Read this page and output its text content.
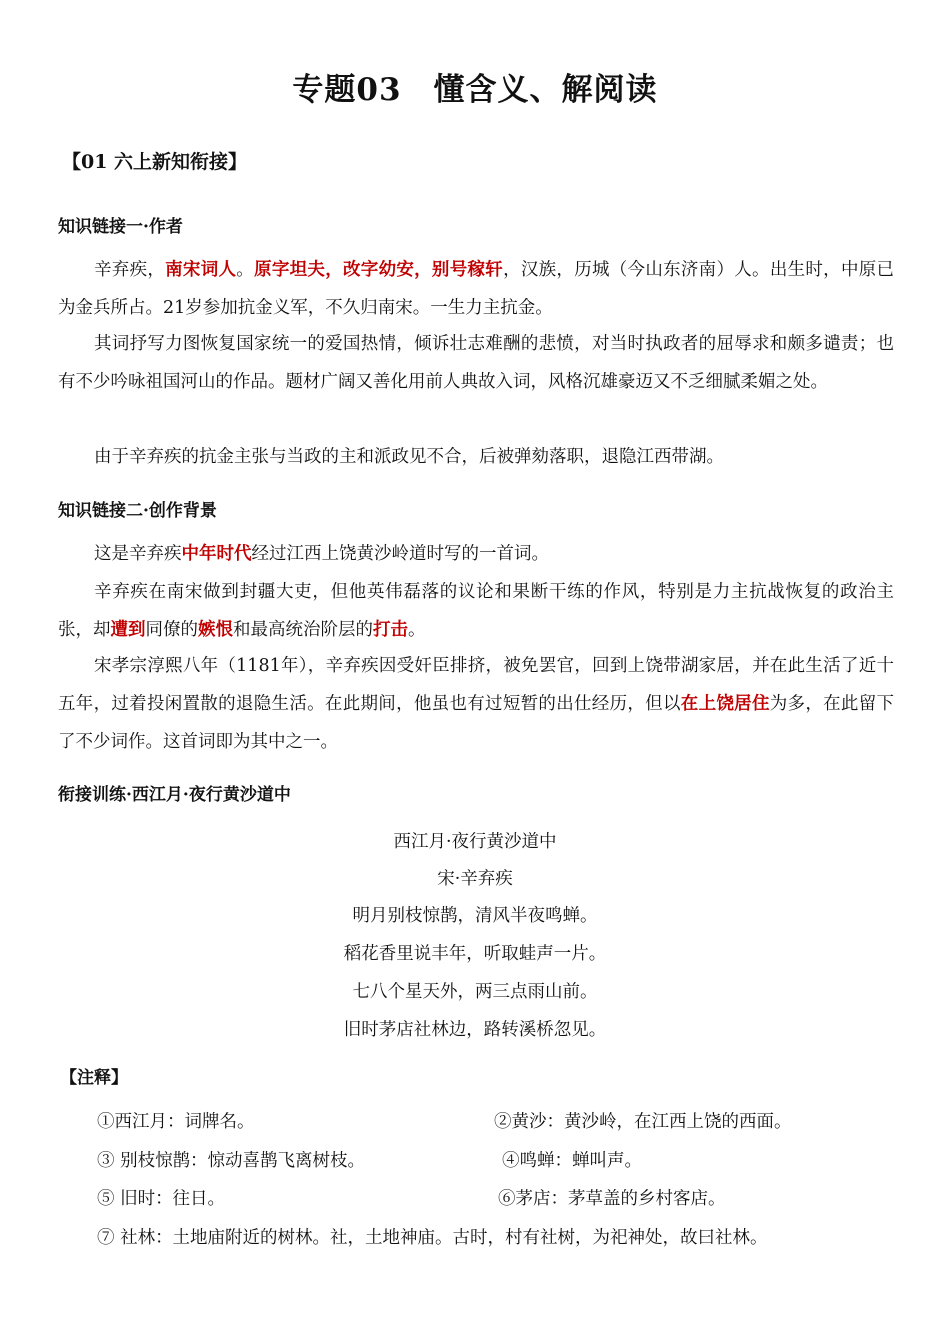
专题03　懂含义、解阅读
【01 六上新知衔接】
知识链接一·作者

辛弃疾，南宋词人。原字坦夫，改字幼安，别号稼轩，汉族，历城（今山东济南）人。出生时，中原已为金兵所占。21岁参加抗金义军，不久归南宋。一生力主抗金。

其词抒写力图恢复国家统一的爱国热情，倾诉壮志难酬的悲愤，对当时执政者的屈辱求和颇多谴责；也有不少吟咏祖国河山的作品。题材广阔又善化用前人典故入词，风格沉雄豪迈又不乏细腻柔媚之处。

由于辛弃疾的抗金主张与当政的主和派政见不合，后被弹劾落职，退隐江西带湖。

知识链接二·创作背景

这是辛弃疾中年时代经过江西上饶黄沙岭道时写的一首词。

辛弃疾在南宋做到封疆大吏，但他英伟磊落的议论和果断干练的作风，特别是力主抗战恢复的政治主张，却遭到同僚的嫉恨和最高统治阶层的打击。

宋孝宗淳熙八年（1181年），辛弃疾因受奸臣排挤，被免罢官，回到上饶带湖家居，并在此生活了近十五年，过着投闲置散的退隐生活。在此期间，他虽也有过短暂的出仕经历，但以在上饶居住为多，在此留下了不少词作。这首词即为其中之一。

衔接训练·西江月·夜行黄沙道中
西江月·夜行黄沙道中
宋·辛弃疾
明月别枝惊鹊，清风半夜鸣蝉。
稻花香里说丰年，听取蛙声一片。
七八个星天外，两三点雨山前。
旧时茅店社林边，路转溪桥忽见。
【注释】
①西江月：词牌名。	②黄沙：黄沙岭，在江西上饶的西面。
③ 别枝惊鹊：惊动喜鹊飞离树枝。	④鸣蝉：蝉叫声。
⑤ 旧时：往日。	⑥茅店：茅草盖的乡村客店。
⑦ 社林：土地庙附近的树林。社，土地神庙。古时，村有社树，为祀神处，故曰社林。
